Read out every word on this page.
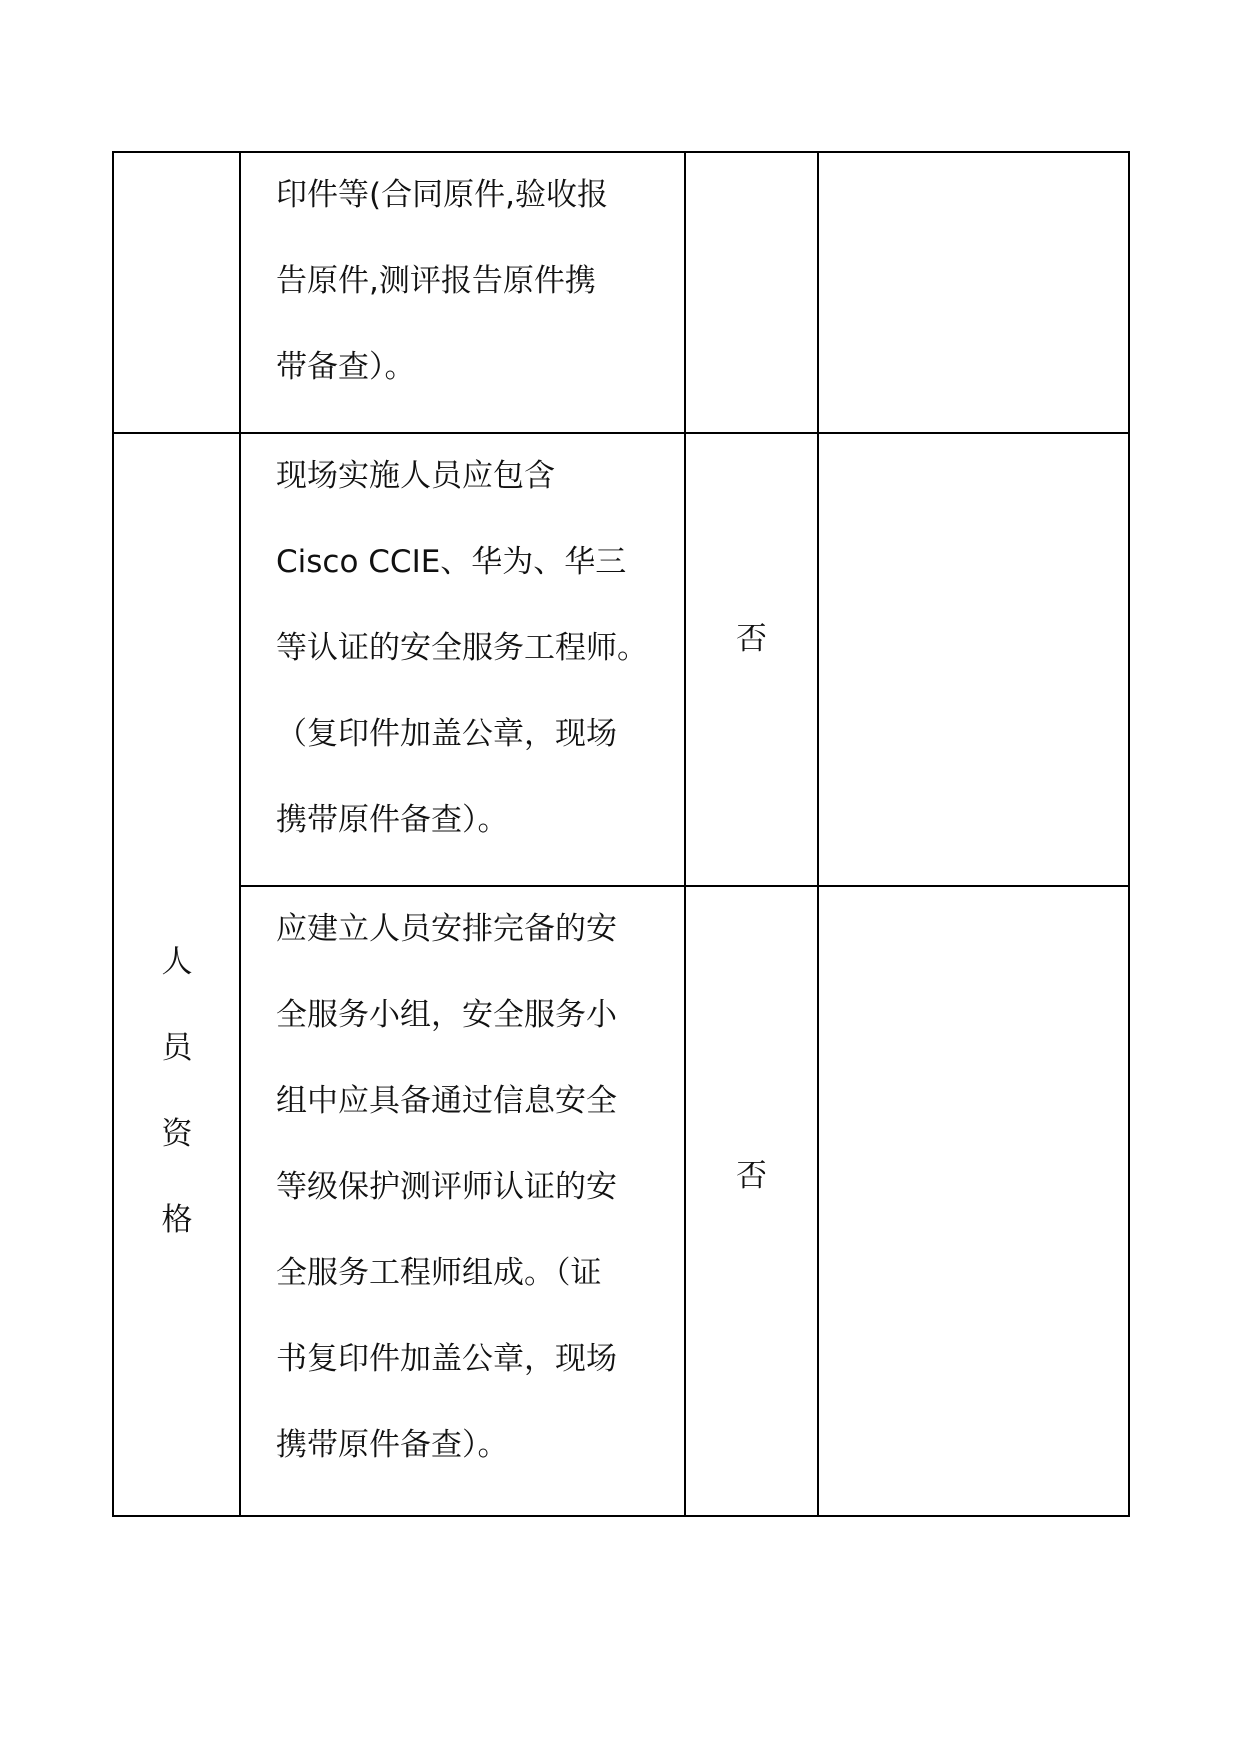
印件等(合同原件,验收报

告原件,测评报告原件携

带备查）。

人
员
资
格

现场实施人员应包含

Cisco CCIE、华为、华三

等认证的安全服务工程师。

（复印件加盖公章，现场

携带原件备查）。

否

应建立人员安排完备的安

全服务小组，安全服务小

组中应具备通过信息安全

等级保护测评师认证的安

全服务工程师组成。（证

书复印件加盖公章，现场

携带原件备查）。

否
